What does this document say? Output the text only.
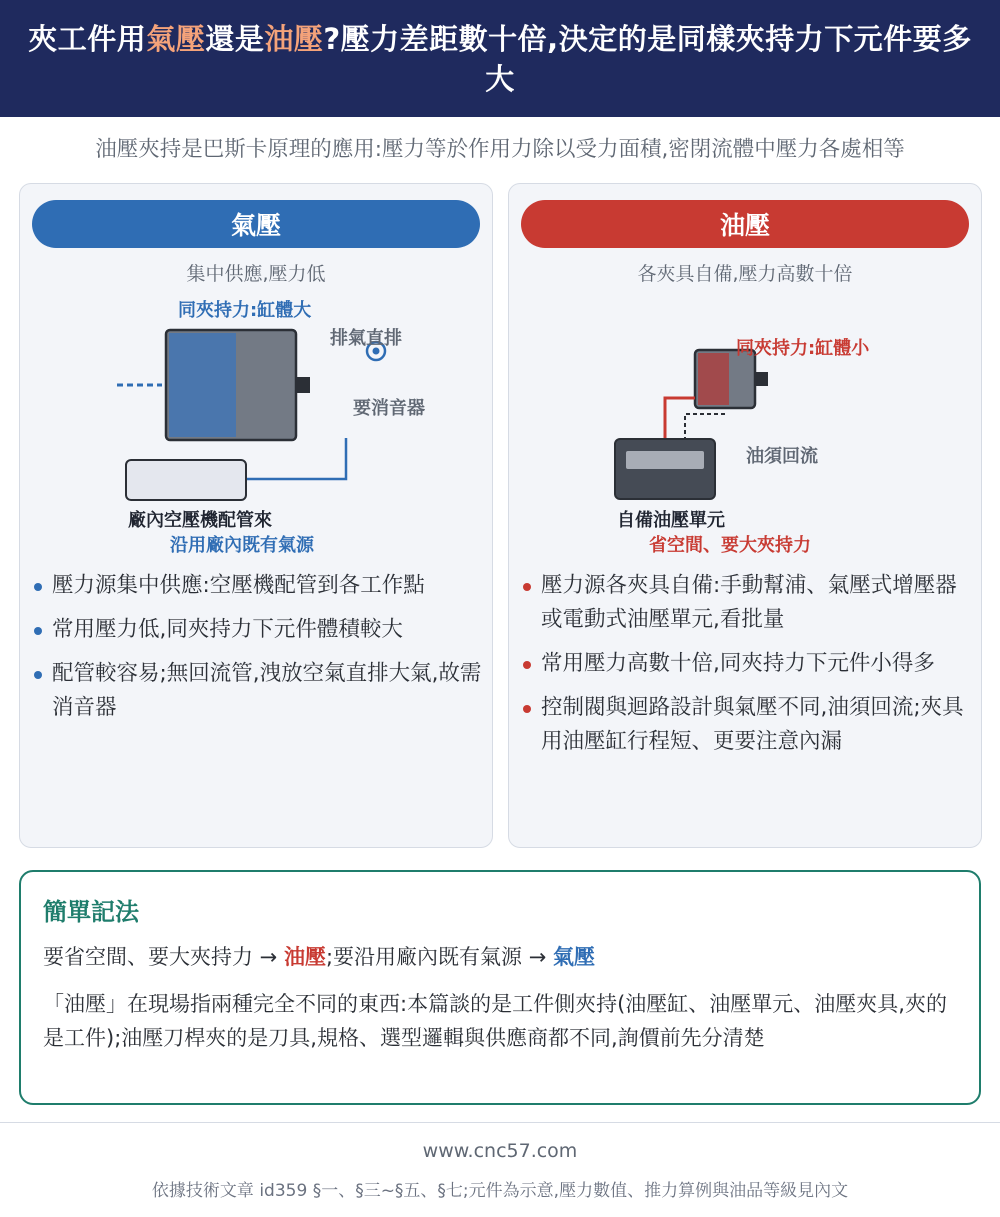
夾工件用氣壓還是油壓?壓力差距數十倍,決定的是同樣夾持力下元件要多大
油壓夾持是巴斯卡原理的應用:壓力等於作用力除以受力面積,密閉流體中壓力各處相等
氣壓
集中供應,壓力低
同夾持力:缸體大
排氣直排
要消音器
廠內空壓機配管來
沿用廠內既有氣源
壓力源集中供應:空壓機配管到各工作點
常用壓力低,同夾持力下元件體積較大
配管較容易;無回流管,洩放空氣直排大氣,故需消音器
油壓
各夾具自備,壓力高數十倍
同夾持力:缸體小
油須回流
自備油壓單元
省空間、要大夾持力
壓力源各夾具自備:手動幫浦、氣壓式增壓器或電動式油壓單元,看批量
常用壓力高數十倍,同夾持力下元件小得多
控制閥與迴路設計與氣壓不同,油須回流;夾具用油壓缸行程短、更要注意內漏
簡單記法
要省空間、要大夾持力 → 油壓;要沿用廠內既有氣源 → 氣壓
「油壓」在現場指兩種完全不同的東西:本篇談的是工件側夾持(油壓缸、油壓單元、油壓夾具,夾的是工件);油壓刀桿夾的是刀具,規格、選型邏輯與供應商都不同,詢價前先分清楚
www.cnc57.com
依據技術文章 id359 §一、§三~§五、§七;元件為示意,壓力數值、推力算例與油品等級見內文
